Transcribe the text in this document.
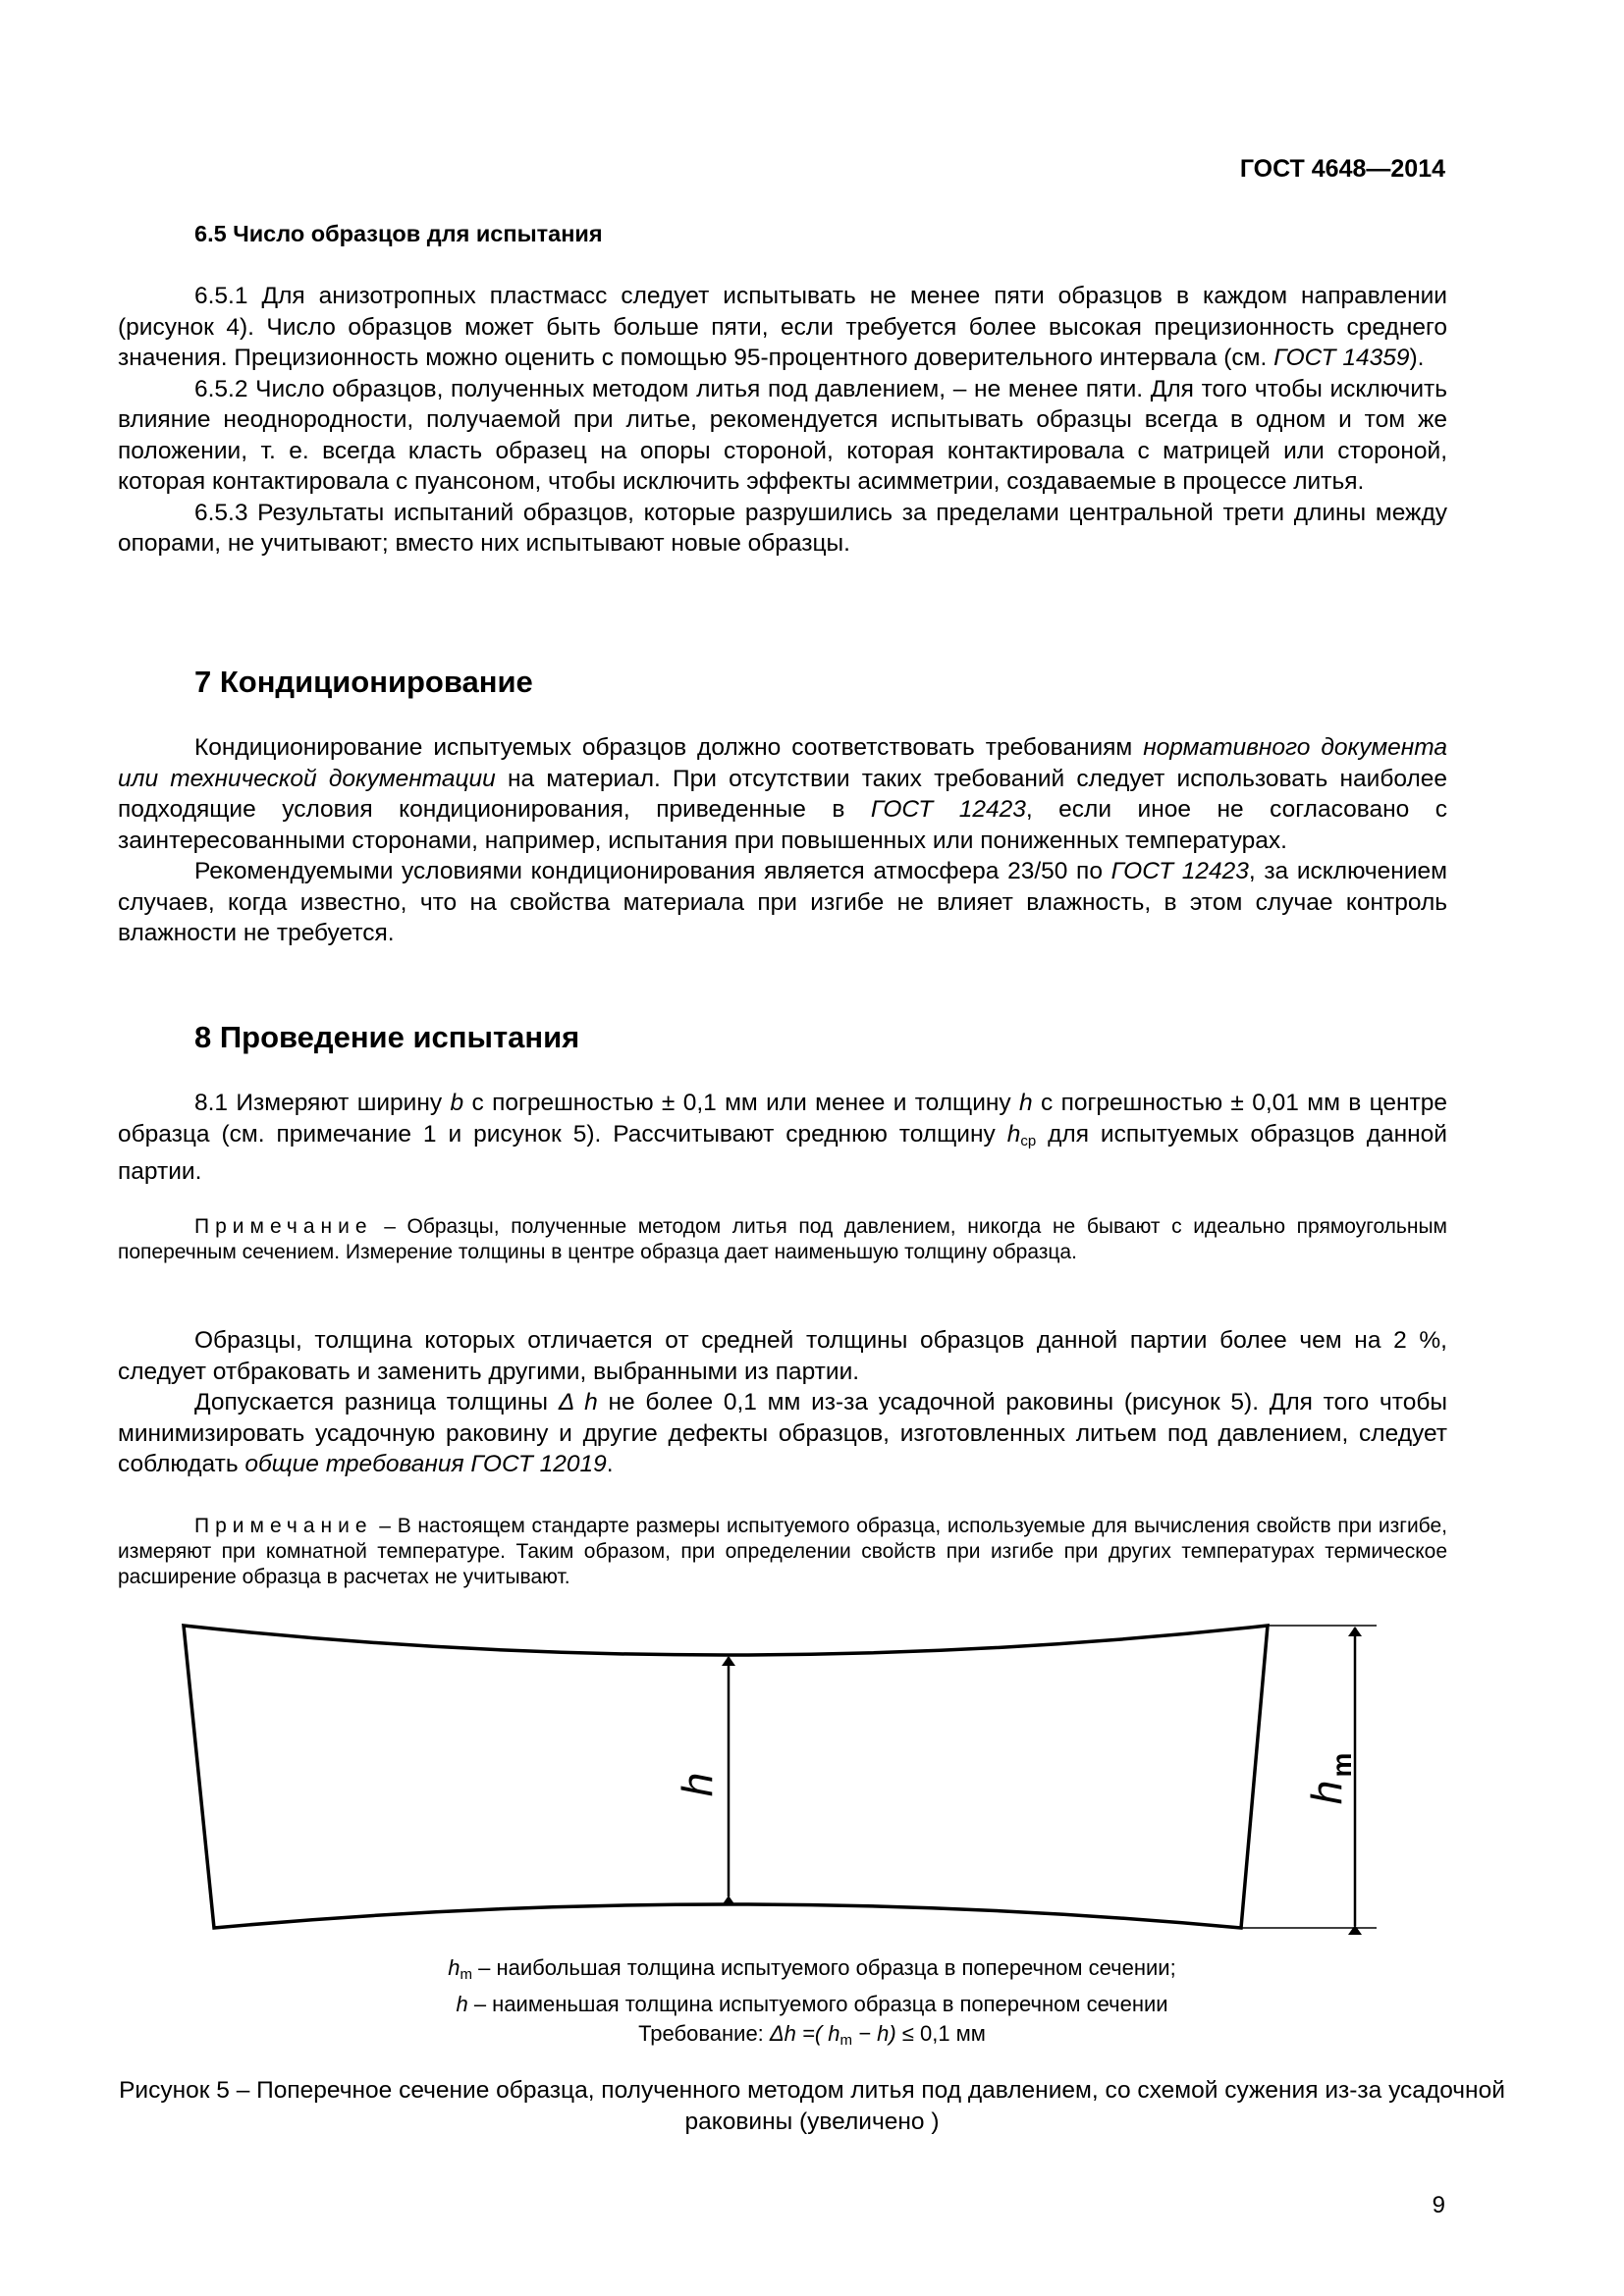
ГОСТ 4648—2014
6.5 Число образцов для испытания

6.5.1 Для анизотропных пластмасс следует испытывать не менее пяти образцов в каждом направлении (рисунок 4). Число образцов может быть больше пяти, если требуется более высокая прецизионность среднего значения. Прецизионность можно оценить с помощью 95-процентного доверительного интервала (см. ГОСТ 14359).

6.5.2 Число образцов, полученных методом литья под давлением, – не менее пяти. Для того чтобы исключить влияние неоднородности, получаемой при литье, рекомендуется испытывать образцы всегда в одном и том же положении, т. е. всегда класть образец на опоры стороной, которая контактировала с матрицей или стороной, которая контактировала с пуансоном, чтобы исключить эффекты асимметрии, создаваемые в процессе литья.

6.5.3 Результаты испытаний образцов, которые разрушились за пределами центральной трети длины между опорами, не учитывают; вместо них испытывают новые образцы.

7 Кондиционирование

Кондиционирование испытуемых образцов должно соответствовать требованиям нормативного документа или технической документации на материал. При отсутствии таких требований следует использовать наиболее подходящие условия кондиционирования, приведенные в ГОСТ 12423, если иное не согласовано с заинтересованными сторонами, например, испытания при повышенных или пониженных температурах.

Рекомендуемыми условиями кондиционирования является атмосфера 23/50 по ГОСТ 12423, за исключением случаев, когда известно, что на свойства материала при изгибе не влияет влажность, в этом случае контроль влажности не требуется.

8 Проведение испытания

8.1 Измеряют ширину b с погрешностью ± 0,1 мм или менее и толщину h с погрешностью ± 0,01 мм в центре образца (см. примечание 1 и рисунок 5). Рассчитывают среднюю толщину $h_{ср}$ для испытуемых образцов данной партии.

Примечание – Образцы, полученные методом литья под давлением, никогда не бывают с идеально прямоугольным поперечным сечением. Измерение толщины в центре образца дает наименьшую толщину образца.

Образцы, толщина которых отличается от средней толщины образцов данной партии более чем на 2 %, следует отбраковать и заменить другими, выбранными из партии.

Допускается разница толщины Δ h не более 0,1 мм из-за усадочной раковины (рисунок 5). Для того чтобы минимизировать усадочную раковину и другие дефекты образцов, изготовленных литьем под давлением, следует соблюдать общие требования ГОСТ 12019.

Примечание – В настоящем стандарте размеры испытуемого образца, используемые для вычисления свойств при изгибе, измеряют при комнатной температуре. Таким образом, при определении свойств при изгибе при других температурах термическое расширение образца в расчетах не учитывают.

h	h
m
$h_m$ – наибольшая толщина испытуемого образца в поперечном сечении;
h – наименьшая толщина испытуемого образца в поперечном сечении
Требование: Δh =( $h_m - h) \le 0,1$ мм
Рисунок 5 – Поперечное сечение образца, полученного методом литья под давлением, со схемой сужения из-за усадочной раковины (увеличено )
9
